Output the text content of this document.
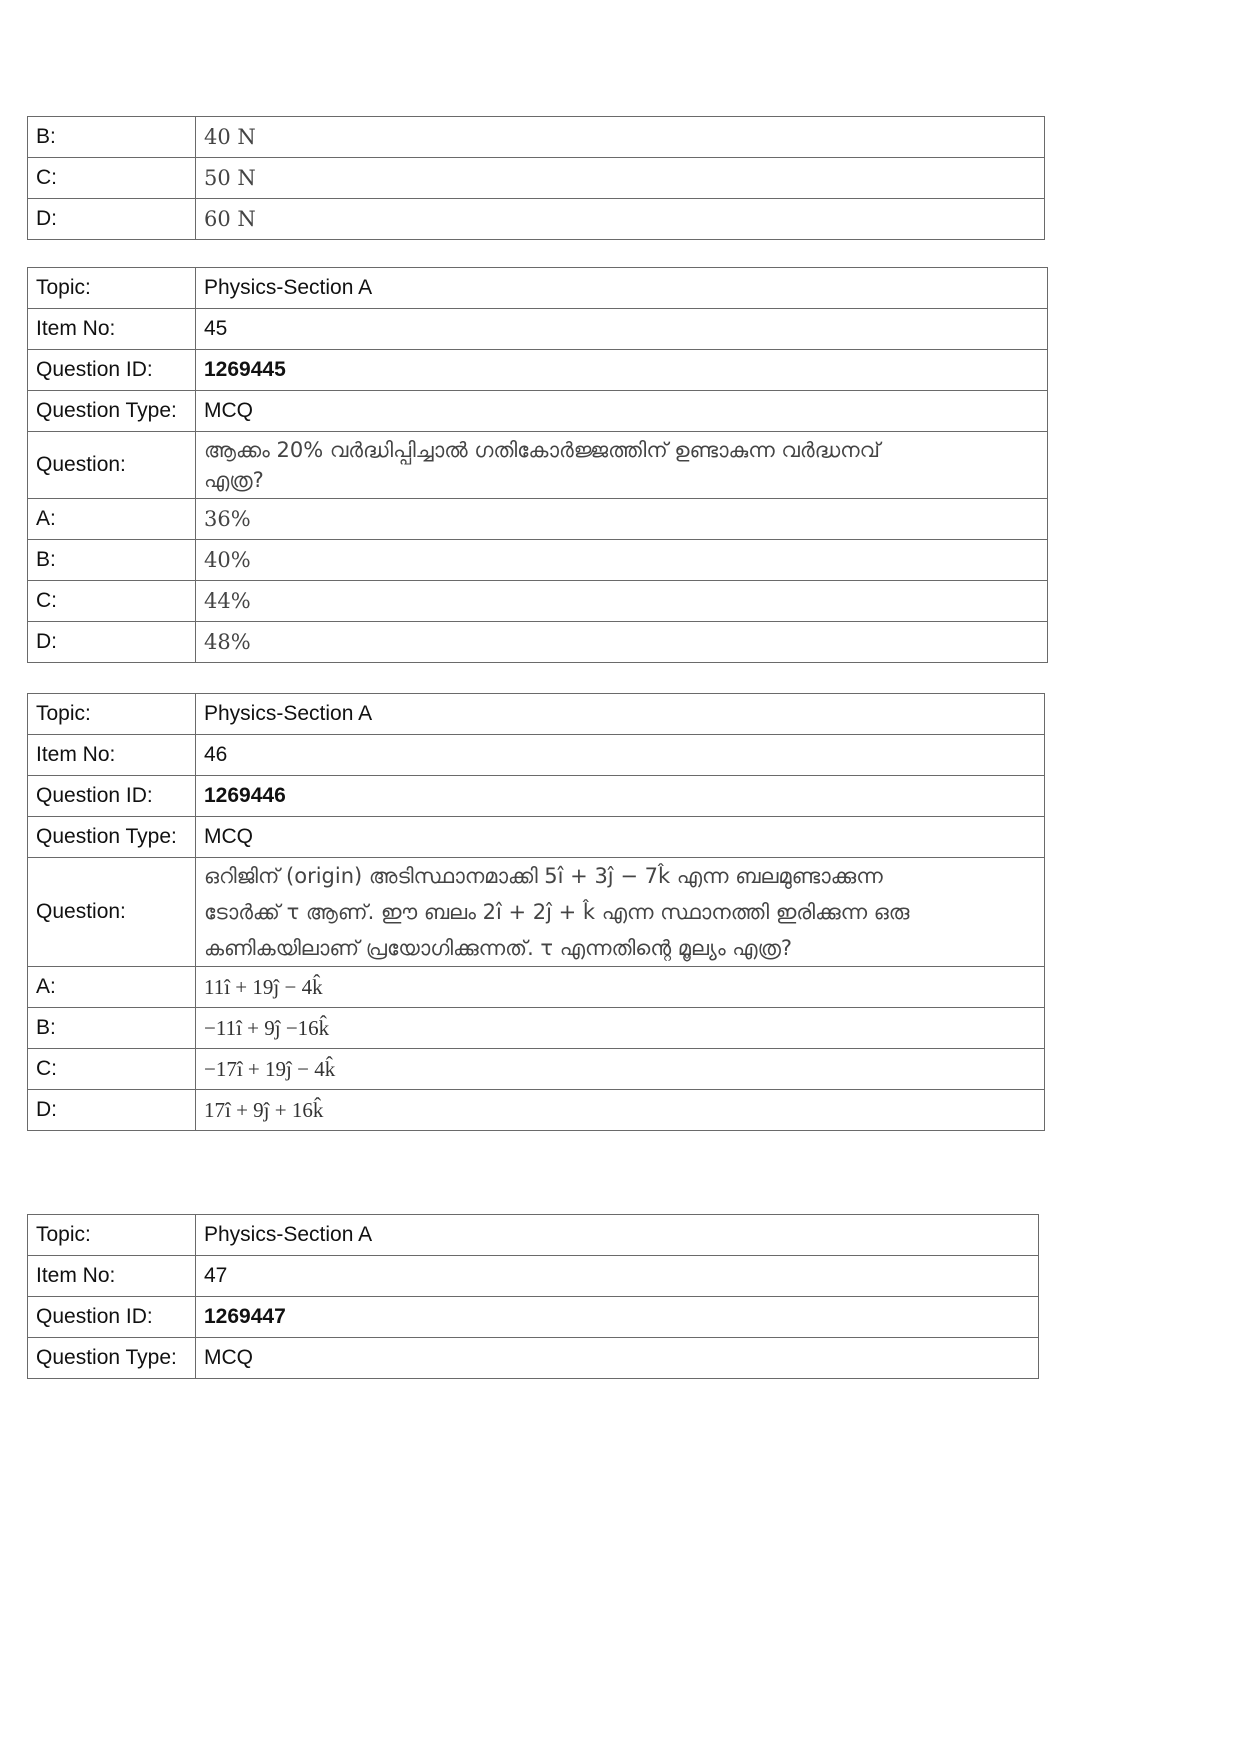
B:	40 N
C:	50 N
D:	60 N
Topic:	Physics-Section A
Item No:	45
Question ID:	1269445
Question Type:	MCQ
Question:	ആക്കം 20% വർദ്ധിപ്പിച്ചാൽ ഗതികോർജ്ജത്തിന് ഉണ്ടാകുന്ന വർദ്ധനവ്
എത്ര?

A:	36%
B:	40%
C:	44%
D:	48%
Topic:	Physics-Section A
Item No:	46
Question ID:	1269446
Question Type:	MCQ
Question:	ഒറിജിന് (origin) അടിസ്ഥാനമാക്കി 5î + 3ĵ − 7k̂ എന്ന ബലമുണ്ടാക്കുന്ന
ടോർക്ക് τ ആണ്. ഈ ബലം 2î + 2ĵ + k̂ എന്ന സ്ഥാനത്തി ഇരിക്കുന്ന ഒരു
കണികയിലാണ് പ്രയോഗിക്കുന്നത്. τ എന്നതിന്റെ മൂല്യം എത്ര?

A:	11î + 19ĵ − 4k̂
B:	−11î + 9ĵ −16k̂
C:	−17î + 19ĵ − 4k̂
D:	17î + 9ĵ + 16k̂
Topic:	Physics-Section A
Item No:	47
Question ID:	1269447
Question Type:	MCQ
